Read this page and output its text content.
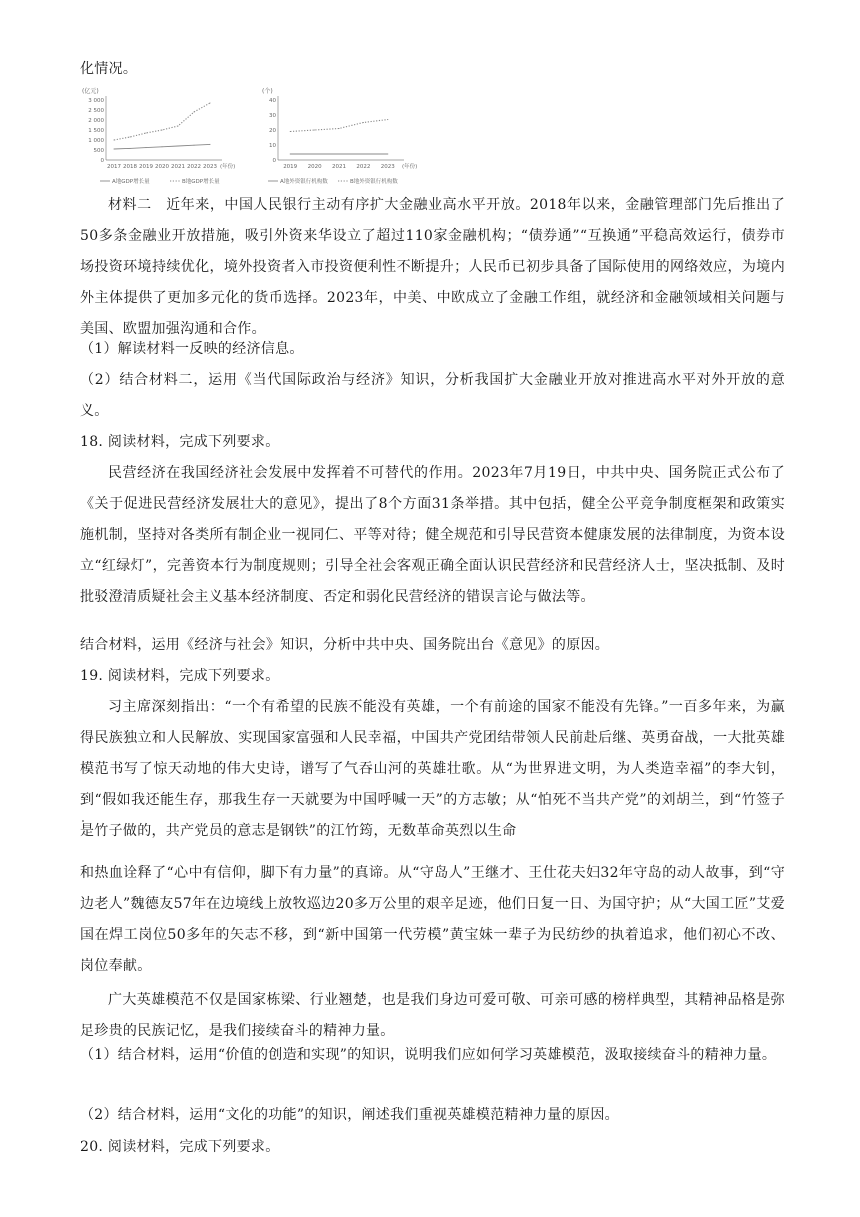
化情况。

(亿元)
3 000
2 500
2 000
1 500
1 000
500
0
2017 2018 2019 2020 2021 2022 2023 (年份)
A地GDP增长量	B地GDP增长量
(个)
40
30
20
10
0
2019 2020 2021 2022 2023 (年份)
A地外资银行机构数	B地外资银行机构数

材料二　近年来，中国人民银行主动有序扩大金融业高水平开放。2018年以来，金融管理部门先后推出了50多条金融业开放措施，吸引外资来华设立了超过110家金融机构；“债券通”“互换通”平稳高效运行，债券市场投资环境持续优化，境外投资者入市投资便利性不断提升；人民币已初步具备了国际使用的网络效应，为境内外主体提供了更加多元化的货币选择。2023年，中美、中欧成立了金融工作组，就经济和金融领域相关问题与美国、欧盟加强沟通和合作。

（1）解读材料一反映的经济信息。

（2）结合材料二，运用《当代国际政治与经济》知识，分析我国扩大金融业开放对推进高水平对外开放的意义。

18. 阅读材料，完成下列要求。

民营经济在我国经济社会发展中发挥着不可替代的作用。2023年7月19日，中共中央、国务院正式公布了《关于促进民营经济发展壮大的意见》，提出了8个方面31条举措。其中包括，健全公平竞争制度框架和政策实施机制，坚持对各类所有制企业一视同仁、平等对待；健全规范和引导民营资本健康发展的法律制度，为资本设立“红绿灯”，完善资本行为制度规则；引导全社会客观正确全面认识民营经济和民营经济人士，坚决抵制、及时批驳澄清质疑社会主义基本经济制度、否定和弱化民营经济的错误言论与做法等。

结合材料，运用《经济与社会》知识，分析中共中央、国务院出台《意见》的原因。

19. 阅读材料，完成下列要求。

习主席深刻指出：“一个有希望的民族不能没有英雄，一个有前途的国家不能没有先锋。”一百多年来，为赢得民族独立和人民解放、实现国家富强和人民幸福，中国共产党团结带领人民前赴后继、英勇奋战，一大批英雄模范书写了惊天动地的伟大史诗，谱写了气吞山河的英雄壮歌。从“为世界进文明，为人类造幸福”的李大钊，到“假如我还能生存，那我生存一天就要为中国呼喊一天”的方志敏；从“怕死不当共产党”的刘胡兰，到“竹签子是竹子做的，共产党员的意志是钢铁”的江竹筠，无数革命英烈以生命

和热血诠释了“心中有信仰，脚下有力量”的真谛。从“守岛人”王继才、王仕花夫妇32年守岛的动人故事，到“守边老人”魏德友57年在边境线上放牧巡边20多万公里的艰辛足迹，他们日复一日、为国守护；从“大国工匠”艾爱国在焊工岗位50多年的矢志不移，到“新中国第一代劳模”黄宝妹一辈子为民纺纱的执着追求，他们初心不改、岗位奉献。

广大英雄模范不仅是国家栋梁、行业翘楚，也是我们身边可爱可敬、可亲可感的榜样典型，其精神品格是弥足珍贵的民族记忆，是我们接续奋斗的精神力量。

（1）结合材料，运用“价值的创造和实现”的知识，说明我们应如何学习英雄模范，汲取接续奋斗的精神力量。

（2）结合材料，运用“文化的功能”的知识，阐述我们重视英雄模范精神力量的原因。

20. 阅读材料，完成下列要求。
